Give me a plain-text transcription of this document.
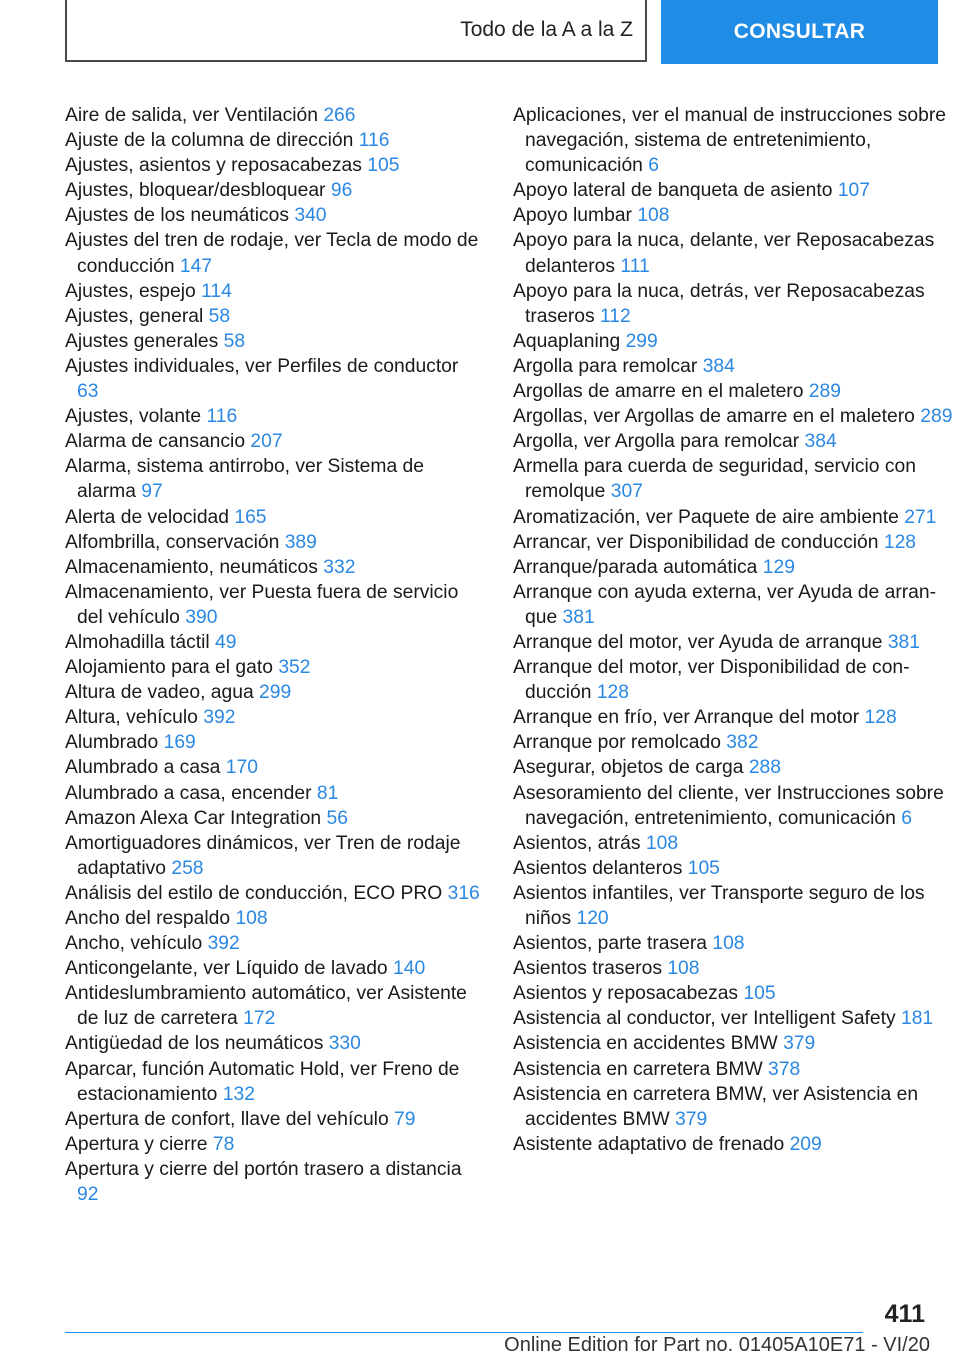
Todo de la A a la Z	CONSULTAR
Aire de salida, ver Ventilación 266
Ajuste de la columna de dirección 116
Ajustes, asientos y reposacabezas 105
Ajustes, bloquear/desbloquear 96
Ajustes de los neumáticos 340
Ajustes del tren de rodaje, ver Tecla de modo de conducción 147
Ajustes, espejo 114
Ajustes, general 58
Ajustes generales 58
Ajustes individuales, ver Perfiles de conductor 63
Ajustes, volante 116
Alarma de cansancio 207
Alarma, sistema antirrobo, ver Sistema de alarma 97
Alerta de velocidad 165
Alfombrilla, conservación 389
Almacenamiento, neumáticos 332
Almacenamiento, ver Puesta fuera de servicio del vehículo 390
Almohadilla táctil 49
Alojamiento para el gato 352
Altura de vadeo, agua 299
Altura, vehículo 392
Alumbrado 169
Alumbrado a casa 170
Alumbrado a casa, encender 81
Amazon Alexa Car Integration 56
Amortiguadores dinámicos, ver Tren de rodaje adaptativo 258
Análisis del estilo de conducción, ECO PRO 316
Ancho del respaldo 108
Ancho, vehículo 392
Anticongelante, ver Líquido de lavado 140
Antideslumbramiento automático, ver Asistente de luz de carretera 172
Antigüedad de los neumáticos 330
Aparcar, función Automatic Hold, ver Freno de estacionamiento 132
Apertura de confort, llave del vehículo 79
Apertura y cierre 78
Apertura y cierre del portón trasero a distancia 92
Aplicaciones, ver el manual de instrucciones sobre navegación, sistema de entretenimiento, comunicación 6
Apoyo lateral de banqueta de asiento 107
Apoyo lumbar 108
Apoyo para la nuca, delante, ver Reposacabezas delanteros 111
Apoyo para la nuca, detrás, ver Reposacabezas traseros 112
Aquaplaning 299
Argolla para remolcar 384
Argollas de amarre en el maletero 289
Argollas, ver Argollas de amarre en el maletero 289
Argolla, ver Argolla para remolcar 384
Armella para cuerda de seguridad, servicio con remolque 307
Aromatización, ver Paquete de aire ambiente 271
Arrancar, ver Disponibilidad de conducción 128
Arranque/parada automática 129
Arranque con ayuda externa, ver Ayuda de arranque 381
Arranque del motor, ver Ayuda de arranque 381
Arranque del motor, ver Disponibilidad de conducción 128
Arranque en frío, ver Arranque del motor 128
Arranque por remolcado 382
Asegurar, objetos de carga 288
Asesoramiento del cliente, ver Instrucciones sobre navegación, entretenimiento, comunicación 6
Asientos, atrás 108
Asientos delanteros 105
Asientos infantiles, ver Transporte seguro de los niños 120
Asientos, parte trasera 108
Asientos traseros 108
Asientos y reposacabezas 105
Asistencia al conductor, ver Intelligent Safety 181
Asistencia en accidentes BMW 379
Asistencia en carretera BMW 378
Asistencia en carretera BMW, ver Asistencia en accidentes BMW 379
Asistente adaptativo de frenado 209
411
Online Edition for Part no. 01405A10E71 - VI/20
